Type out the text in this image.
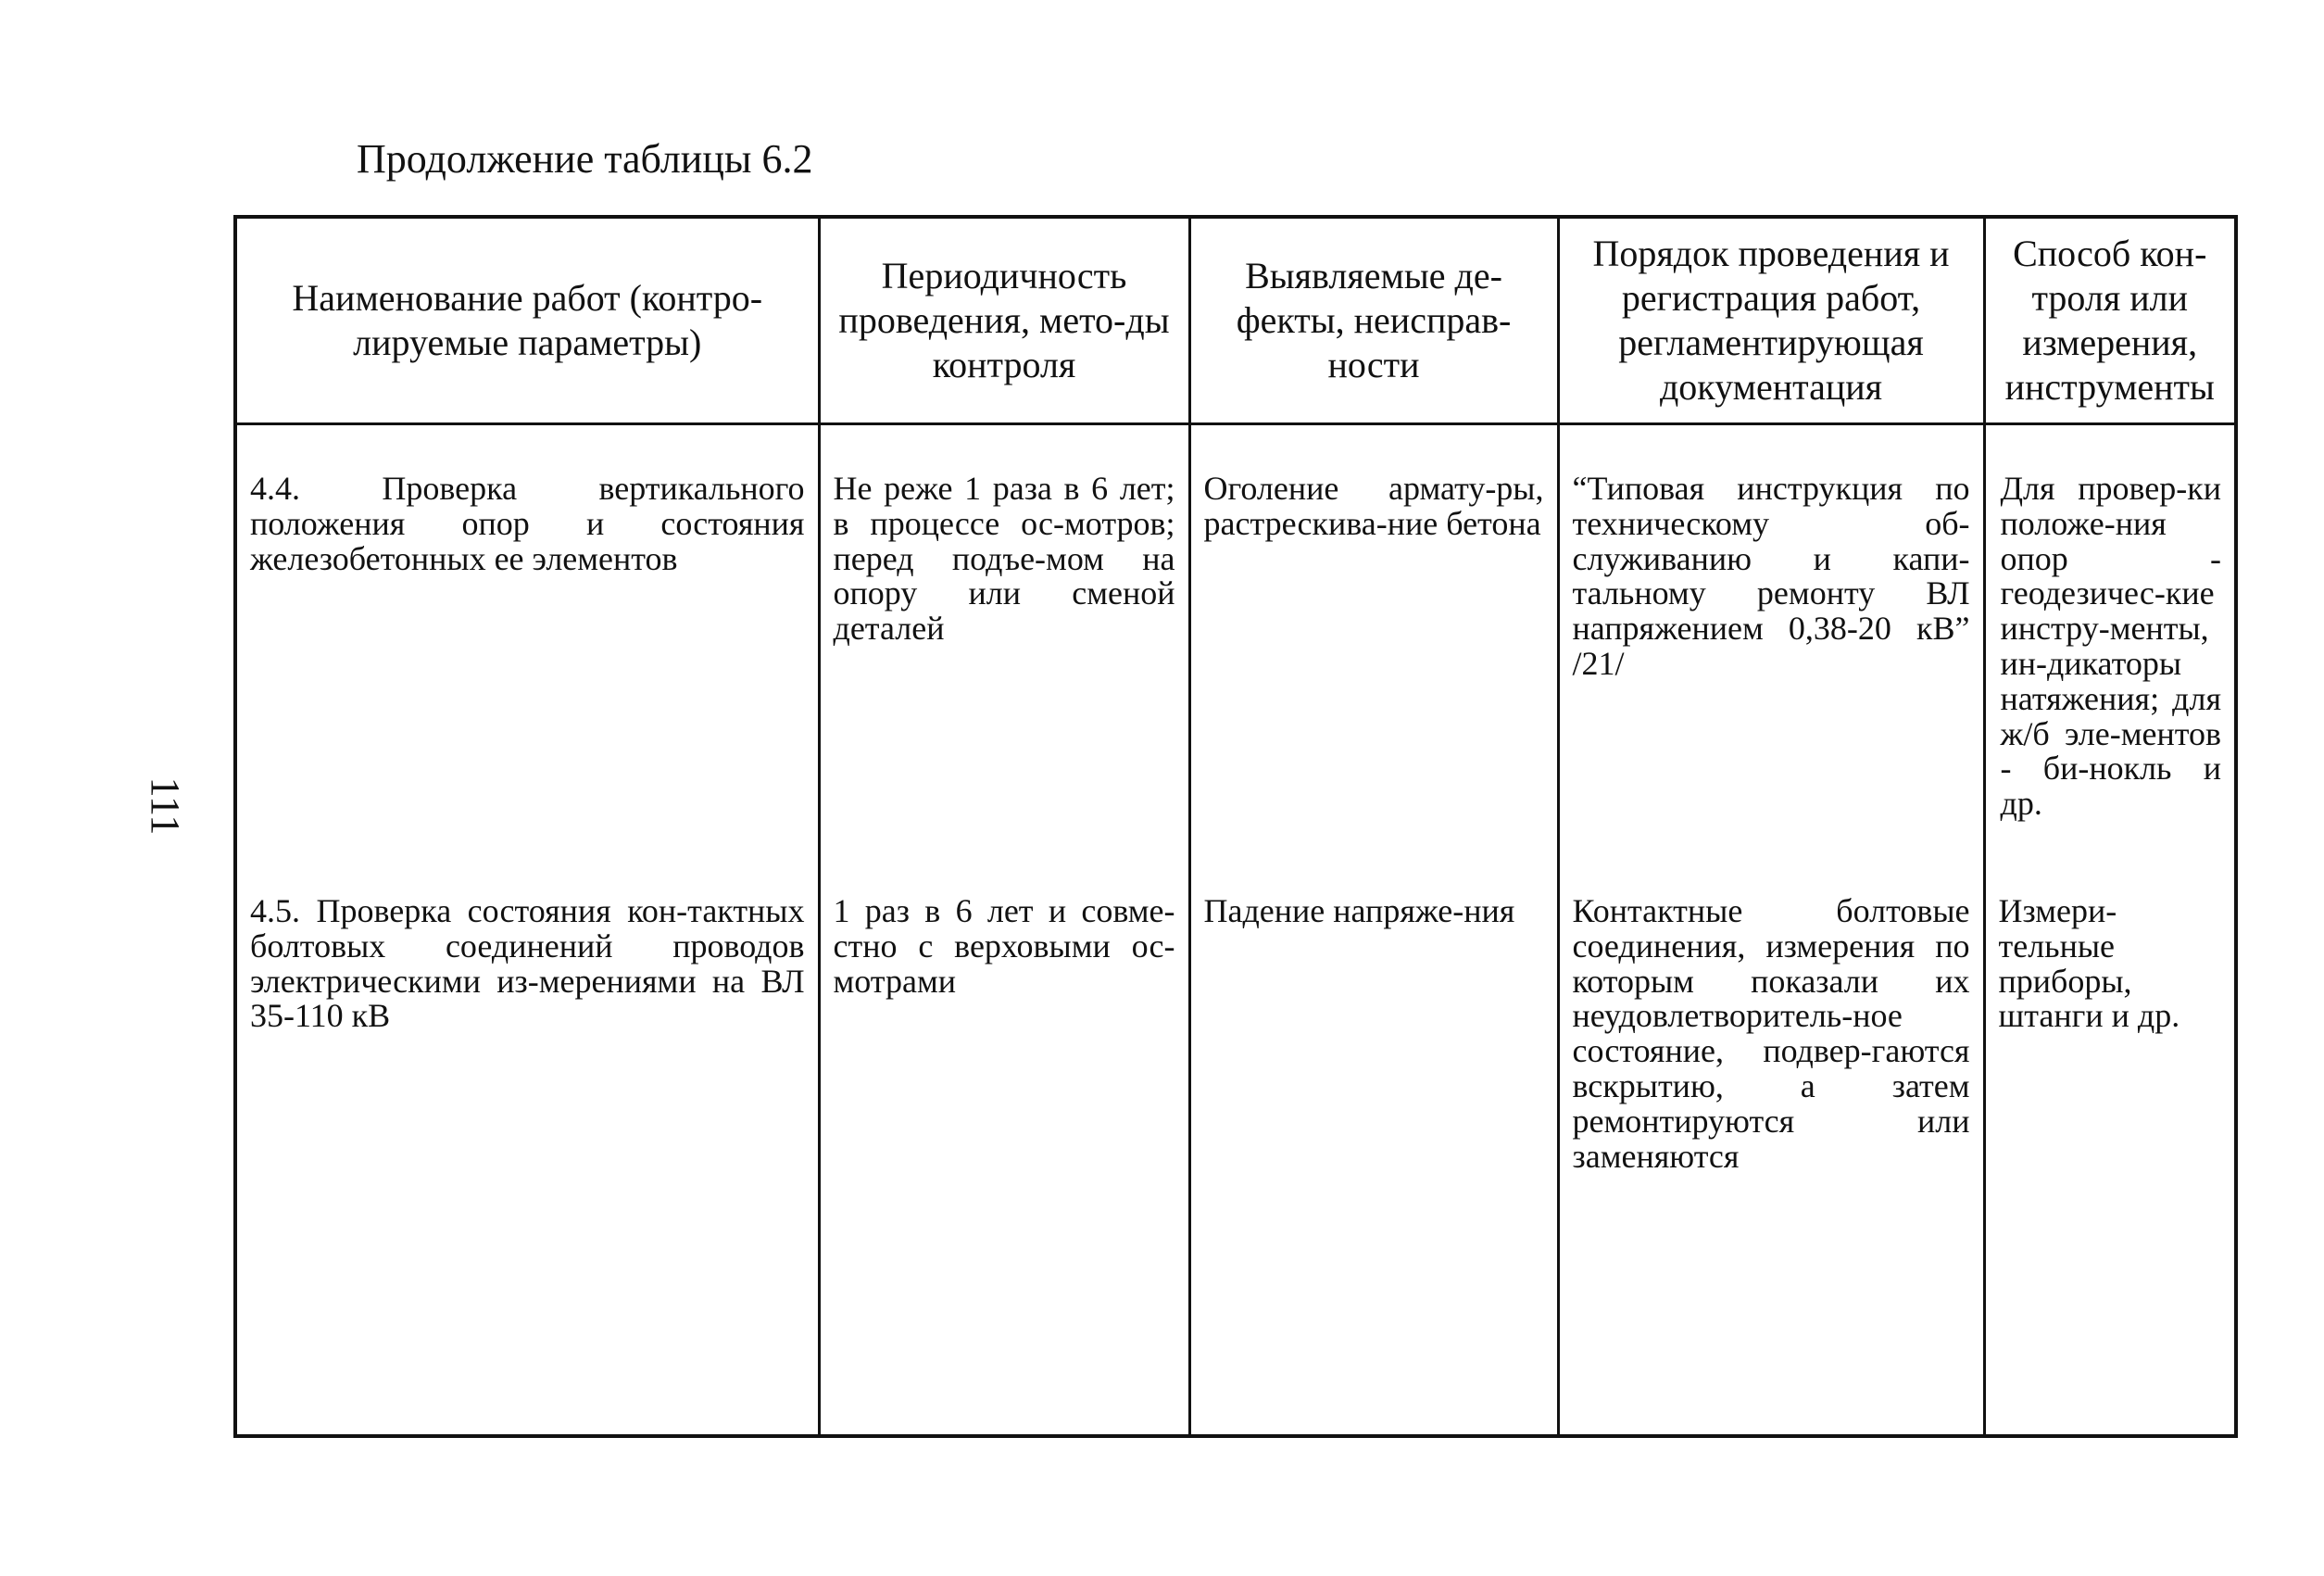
Продолжение таблицы 6.2
111
Наименование работ (контро-лируемые параметры)	Периодичность проведения, мето-ды контроля	Выявляемые де-фекты, неисправ-ности	Порядок проведения и регистрация работ, регламентирующая документация	Способ кон-троля или измерения, инструменты
4.4. Проверка вертикального положения опор и состояния железобетонных ее элементов	Не реже 1 раза в 6 лет; в процессе ос-мотров; перед подъе-мом на опору или сменой деталей	Оголение армату-ры, растрескива-ние бетона	“Типовая инструкция по техническому об-служиванию и капи-тальному ремонту ВЛ напряжением 0,38-20 кВ” /21/	Для провер-ки положе-ния опор - геодезичес-кие инстру-менты, ин-дикаторы натяжения; для ж/б эле-ментов - би-нокль и др.
4.5. Проверка состояния кон-тактных болтовых соединений проводов электрическими из-мерениями на ВЛ 35-110 кВ	1 раз в 6 лет и совме-стно с верховыми ос-мотрами	Падение напряже-ния	Контактные болтовые соединения, измерения по которым показали их неудовлетворитель-ное состояние, подвер-гаются вскрытию, а затем ремонтируются или заменяются	Измери-тельные приборы, штанги и др.
